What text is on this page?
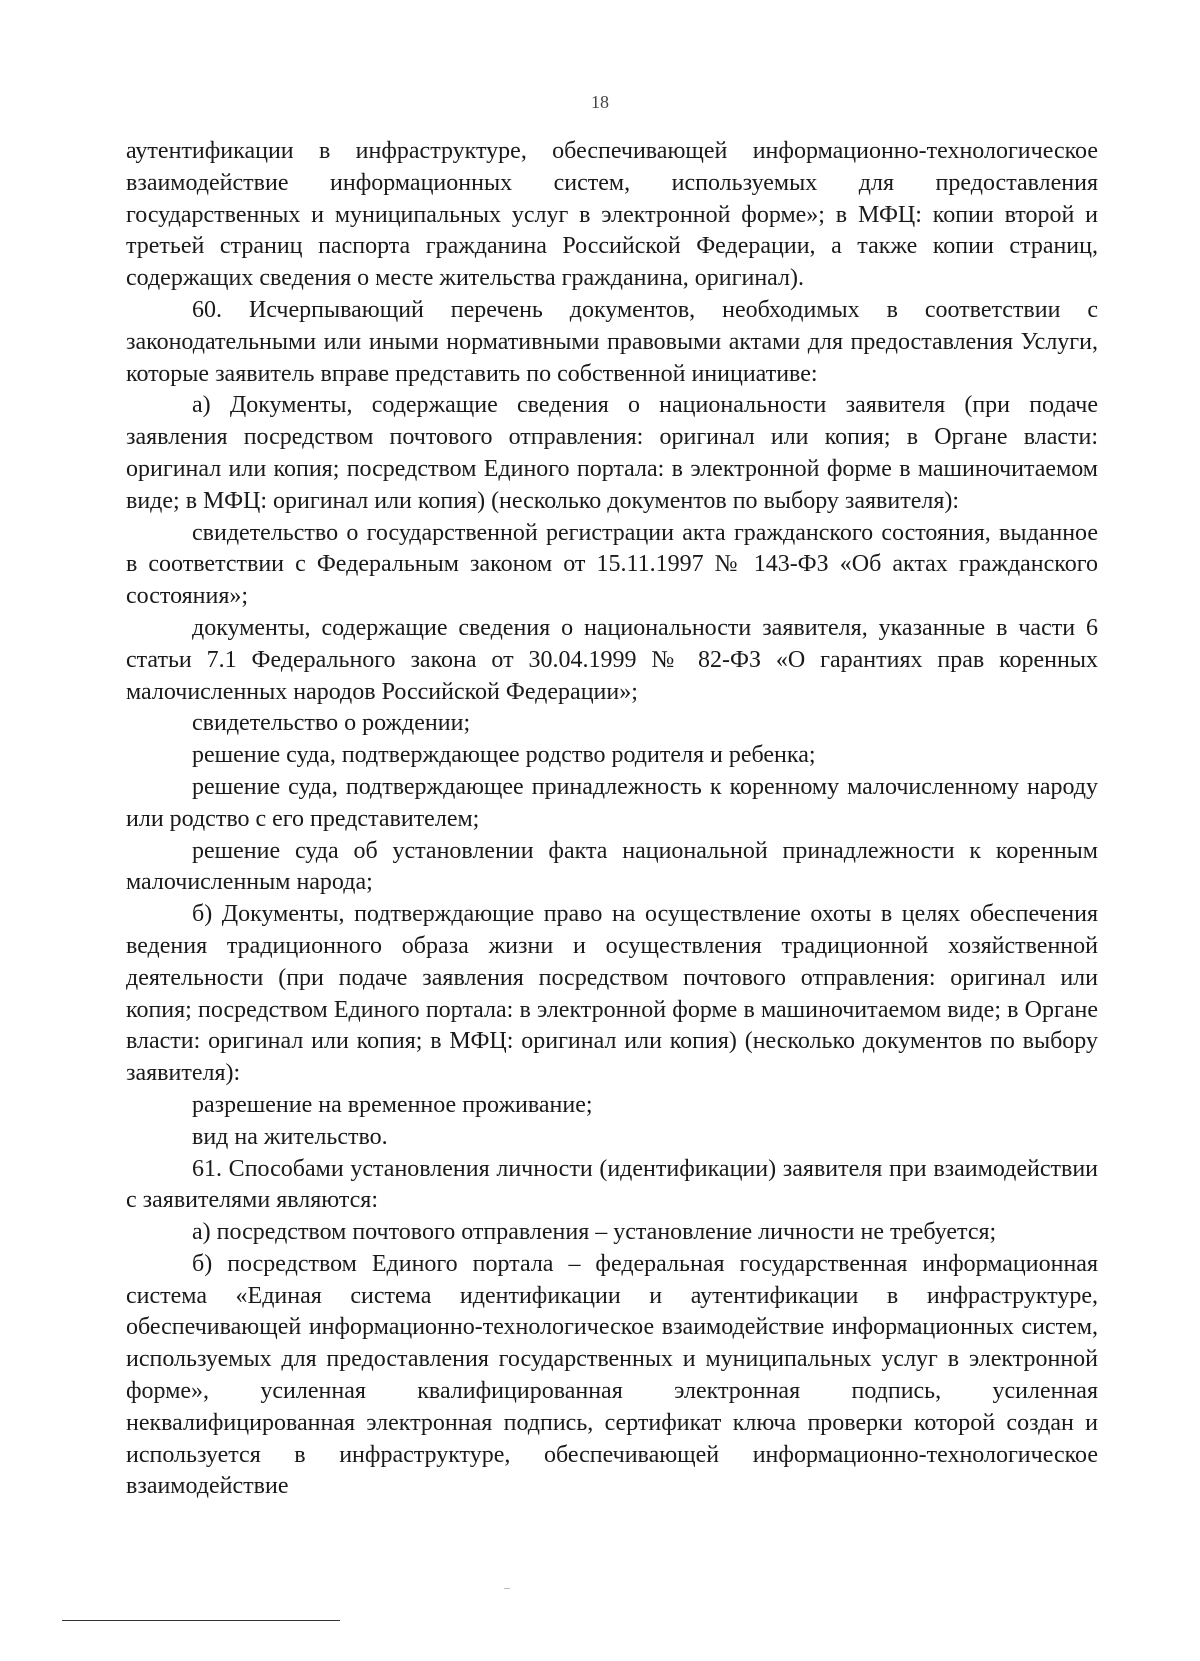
18

аутентификации в инфраструктуре, обеспечивающей информационно-технологическое взаимодействие информационных систем, используемых для предоставления государственных и муниципальных услуг в электронной форме»; в МФЦ: копии второй и третьей страниц паспорта гражданина Российской Федерации, а также копии страниц, содержащих сведения о месте жительства гражданина, оригинал).

60. Исчерпывающий перечень документов, необходимых в соответствии с законодательными или иными нормативными правовыми актами для предоставления Услуги, которые заявитель вправе представить по собственной инициативе:

а) Документы, содержащие сведения о национальности заявителя (при подаче заявления посредством почтового отправления: оригинал или копия; в Органе власти: оригинал или копия; посредством Единого портала: в электронной форме в машиночитаемом виде; в МФЦ: оригинал или копия) (несколько документов по выбору заявителя):

свидетельство о государственной регистрации акта гражданского состояния, выданное в соответствии с Федеральным законом от 15.11.1997 № 143-ФЗ «Об актах гражданского состояния»;

документы, содержащие сведения о национальности заявителя, указанные в части 6 статьи 7.1 Федерального закона от 30.04.1999 № 82-ФЗ «О гарантиях прав коренных малочисленных народов Российской Федерации»;

свидетельство о рождении;

решение суда, подтверждающее родство родителя и ребенка;

решение суда, подтверждающее принадлежность к коренному малочисленному народу или родство с его представителем;

решение суда об установлении факта национальной принадлежности к коренным малочисленным народа;

б) Документы, подтверждающие право на осуществление охоты в целях обеспечения ведения традиционного образа жизни и осуществления традиционной хозяйственной деятельности (при подаче заявления посредством почтового отправления: оригинал или копия; посредством Единого портала: в электронной форме в машиночитаемом виде; в Органе власти: оригинал или копия; в МФЦ: оригинал или копия) (несколько документов по выбору заявителя):

разрешение на временное проживание;

вид на жительство.

61. Способами установления личности (идентификации) заявителя при взаимодействии с заявителями являются:

а) посредством почтового отправления – установление личности не требуется;

б) посредством Единого портала – федеральная государственная информационная система «Единая система идентификации и аутентификации в инфраструктуре, обеспечивающей информационно-технологическое взаимодействие информационных систем, используемых для предоставления государственных и муниципальных услуг в электронной форме», усиленная квалифицированная электронная подпись, усиленная неквалифицированная электронная подпись, сертификат ключа проверки которой создан и используется в инфраструктуре, обеспечивающей информационно-технологическое взаимодействие
